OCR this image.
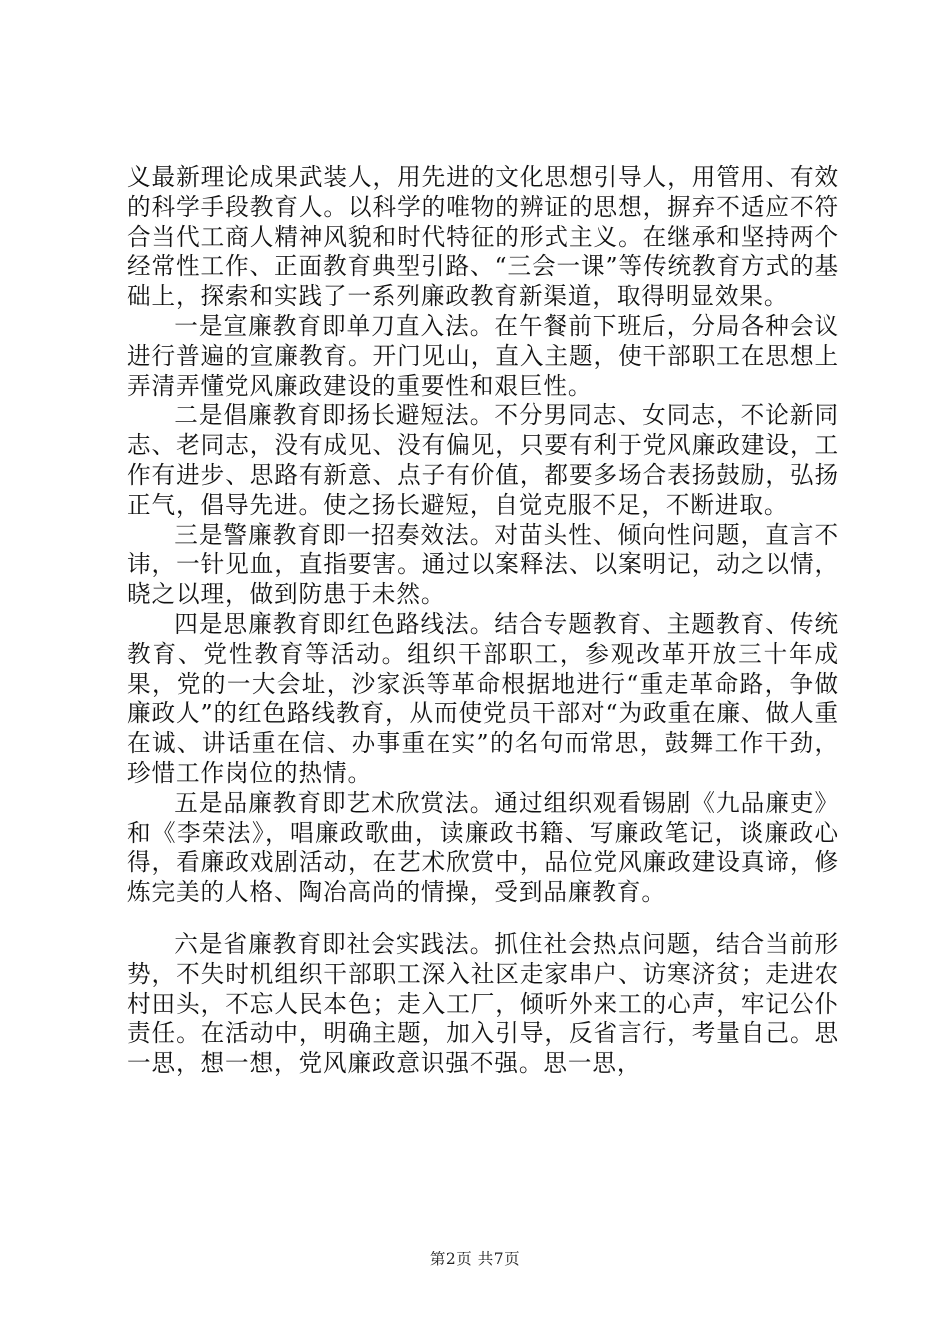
义最新理论成果武装人，用先进的文化思想引导人，用管用、有效的科学手段教育人。以科学的唯物的辨证的思想，摒弃不适应不符合当代工商人精神风貌和时代特征的形式主义。在继承和坚持两个经常性工作、正面教育典型引路、“三会一课”等传统教育方式的基础上，探索和实践了一系列廉政教育新渠道，取得明显效果。

一是宣廉教育即单刀直入法。在午餐前下班后，分局各种会议进行普遍的宣廉教育。开门见山，直入主题，使干部职工在思想上弄清弄懂党风廉政建设的重要性和艰巨性。

二是倡廉教育即扬长避短法。不分男同志、女同志，不论新同志、老同志，没有成见、没有偏见，只要有利于党风廉政建设，工作有进步、思路有新意、点子有价值，都要多场合表扬鼓励，弘扬正气，倡导先进。使之扬长避短，自觉克服不足，不断进取。

三是警廉教育即一招奏效法。对苗头性、倾向性问题，直言不讳，一针见血，直指要害。通过以案释法、以案明记，动之以情，晓之以理，做到防患于未然。

四是思廉教育即红色路线法。结合专题教育、主题教育、传统教育、党性教育等活动。组织干部职工，参观改革开放三十年成果，党的一大会址，沙家浜等革命根据地进行“重走革命路，争做廉政人”的红色路线教育，从而使党员干部对“为政重在廉、做人重在诚、讲话重在信、办事重在实”的名句而常思，鼓舞工作干劲，珍惜工作岗位的热情。

五是品廉教育即艺术欣赏法。通过组织观看锡剧《九品廉吏》和《李荣法》，唱廉政歌曲，读廉政书籍、写廉政笔记，谈廉政心得，看廉政戏剧活动，在艺术欣赏中，品位党风廉政建设真谛，修炼完美的人格、陶冶高尚的情操，受到品廉教育。

六是省廉教育即社会实践法。抓住社会热点问题，结合当前形势，不失时机组织干部职工深入社区走家串户、访寒济贫；走进农村田头，不忘人民本色；走入工厂，倾听外来工的心声，牢记公仆责任。在活动中，明确主题，加入引导，反省言行，考量自己。思一思，想一想，党风廉政意识强不强。思一思，

第2页 共7页
